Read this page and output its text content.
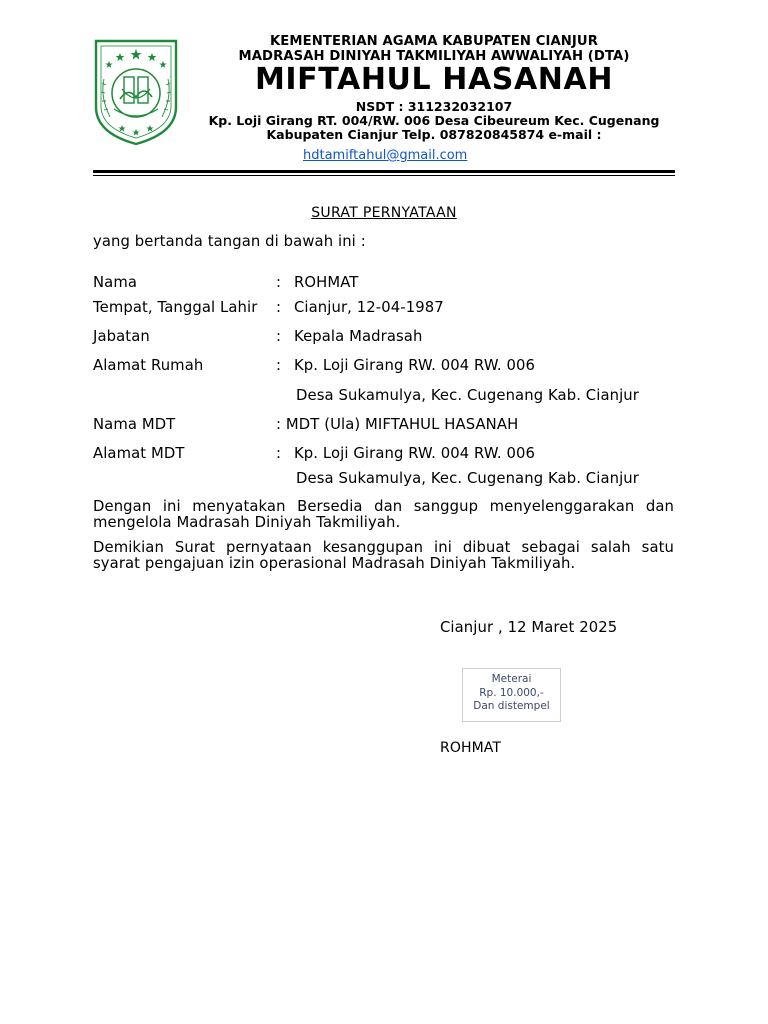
KEMENTERIAN AGAMA KABUPATEN CIANJUR
MADRASAH DINIYAH TAKMILIYAH AWWALIYAH (DTA)
MIFTAHUL HASANAH
NSDT : 311232032107
Kp. Loji Girang RT. 004/RW. 006 Desa Cibeureum Kec. Cugenang
Kabupaten Cianjur Telp. 087820845874 e-mail :
hdtamiftahul@gmail.com
SURAT PERNYATAAN
yang bertanda tangan di bawah ini :
Nama	: ROHMAT
Tempat, Tanggal Lahir : Cianjur, 12-04-1987
Jabatan	: Kepala Madrasah
Alamat Rumah	: Kp. Loji Girang RW. 004 RW. 006
Desa Sukamulya, Kec. Cugenang Kab. Cianjur
Nama MDT	: MDT (Ula) MIFTAHUL HASANAH
Alamat MDT	: Kp. Loji Girang RW. 004 RW. 006
Desa Sukamulya, Kec. Cugenang Kab. Cianjur
Dengan ini menyatakan Bersedia dan sanggup menyelenggarakan dan mengelola Madrasah Diniyah Takmiliyah.
Demikian Surat pernyataan kesanggupan ini dibuat sebagai salah satu syarat pengajuan izin operasional Madrasah Diniyah Takmiliyah.
Cianjur , 12 Maret 2025
Meterai
Rp. 10.000,-
Dan distempel
ROHMAT
